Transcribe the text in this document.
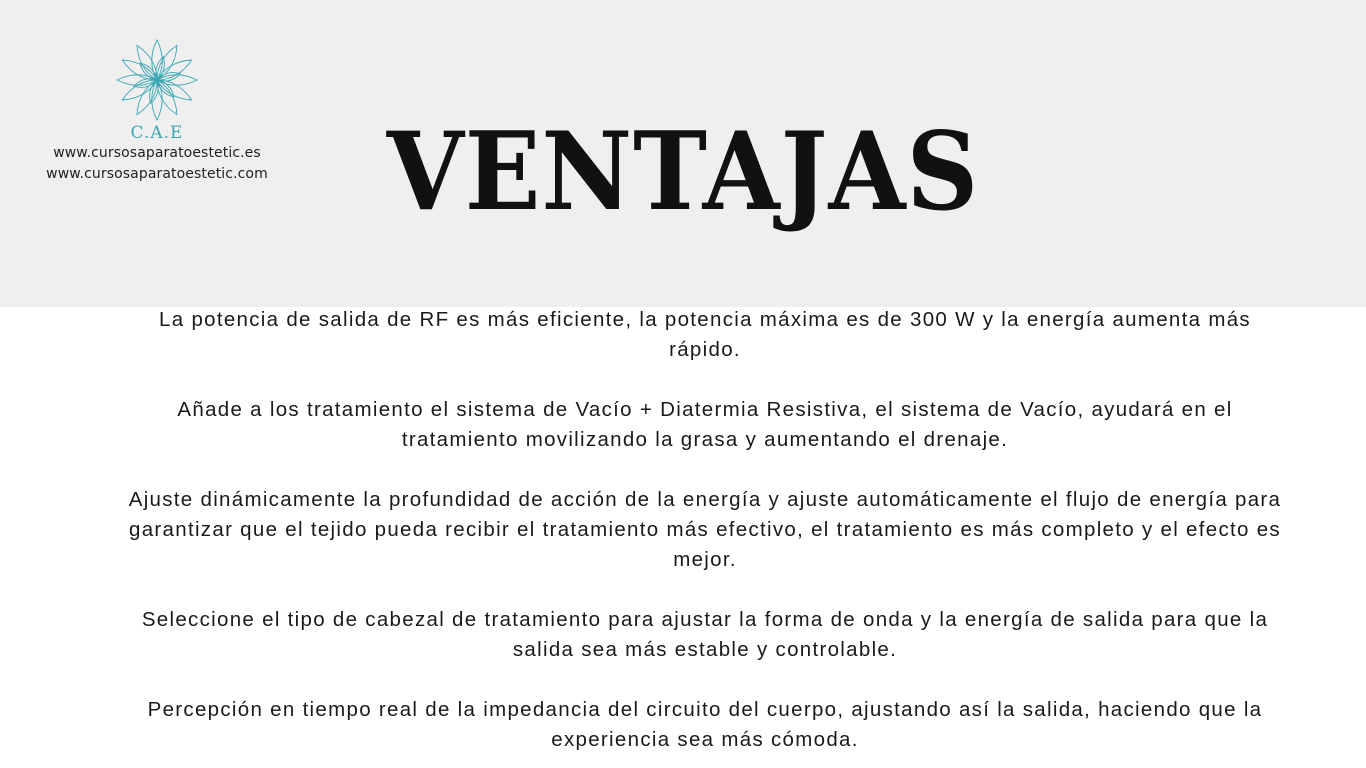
C.A.E
www.cursosaparatoestetic.es
www.cursosaparatoestetic.com VENTAJAS

La potencia de salida de RF es más eficiente, la potencia máxima es de 300 W y la energía aumenta más rápido.

Añade a los tratamiento el sistema de Vacío + Diatermia Resistiva, el sistema de Vacío, ayudará en el tratamiento movilizando la grasa y aumentando el drenaje.

Ajuste dinámicamente la profundidad de acción de la energía y ajuste automáticamente el flujo de energía para garantizar que el tejido pueda recibir el tratamiento más efectivo, el tratamiento es más completo y el efecto es mejor.

Seleccione el tipo de cabezal de tratamiento para ajustar la forma de onda y la energía de salida para que la salida sea más estable y controlable.

Percepción en tiempo real de la impedancia del circuito del cuerpo, ajustando así la salida, haciendo que la experiencia sea más cómoda.
